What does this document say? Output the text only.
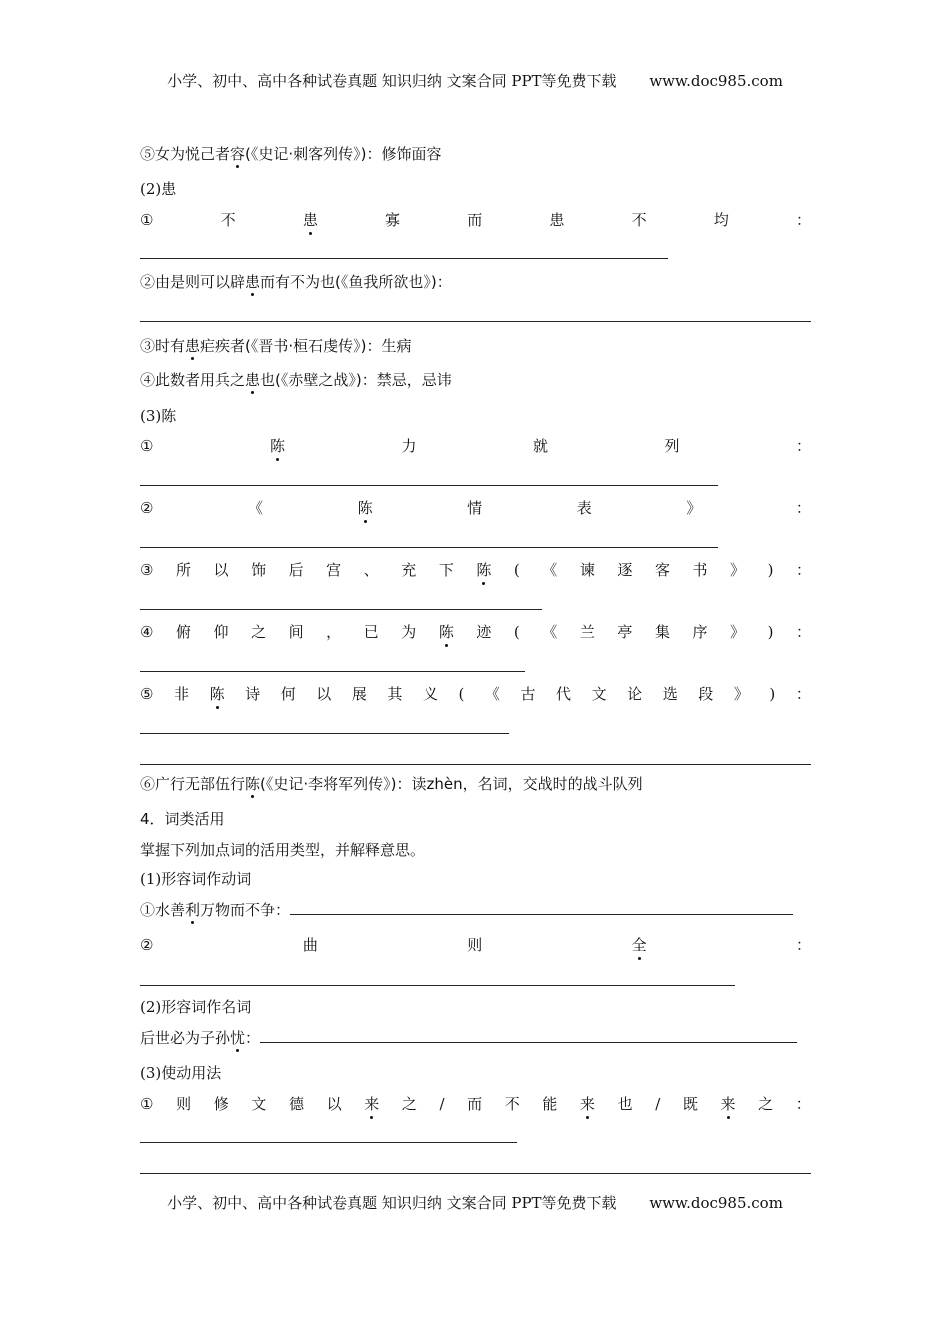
小学、初中、高中各种试卷真题 知识归纳 文案合同 PPT等免费下载 www.doc985.com
⑤女为悦己者容(《史记·刺客列传》)：修饰面容
(2)患
①	不	患	寡	而	患	不	均	：
②由是则可以辟患而有不为也(《鱼我所欲也》)：
③时有患疟疾者(《晋书·桓石虔传》)：生病
④此数者用兵之患也(《赤壁之战》)：禁忌，忌讳
(3)陈
①	陈	力	就	列	：
②	《	陈	情	表	》	：
③ 所 以 饰 后 宫 、 充 下 陈 ( 《 谏 逐 客 书 》 ) ：
④ 俯 仰 之 间 ， 已 为 陈 迹 ( 《 兰 亭 集 序 》 ) ：
⑤ 非 陈 诗 何 以 展 其 义 ( 《 古 代 文 论 选 段 》 ) ：
⑥广行无部伍行陈(《史记·李将军列传》)：读zhèn，名词，交战时的战斗队列
4．词类活用
掌握下列加点词的活用类型，并解释意思。
(1)形容词作动词
①水善利万物而不争：
②	曲	则	全	：
(2)形容词作名词
后世必为子孙忧：
(3)使动用法
① 则 修 文 德 以 来 之 / 而 不 能 来 也 / 既 来 之 ：
小学、初中、高中各种试卷真题 知识归纳 文案合同 PPT等免费下载 www.doc985.com
